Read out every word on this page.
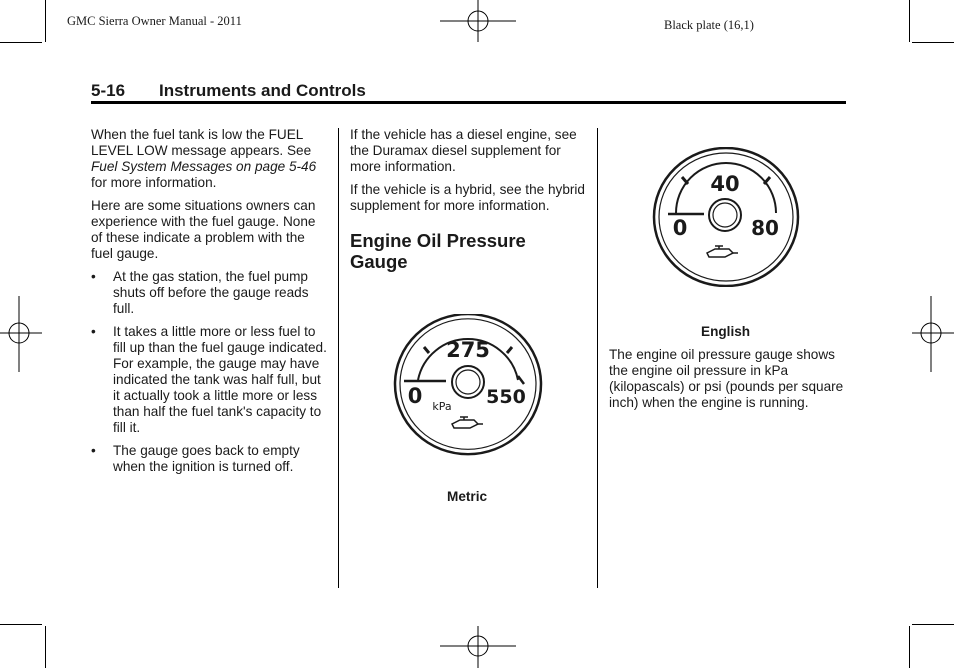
GMC Sierra Owner Manual - 2011	Black plate (16,1)
5-16 Instruments and Controls

When the fuel tank is low the FUEL LEVEL LOW message appears. See Fuel System Messages on page 5-46 for more information.

Here are some situations owners can experience with the fuel gauge. None of these indicate a problem with the fuel gauge.

• At the gas station, the fuel pump shuts off before the gauge reads full.
• It takes a little more or less fuel to fill up than the fuel gauge indicated. For example, the gauge may have indicated the tank was half full, but it actually took a little more or less than half the fuel tank's capacity to fill it.
• The gauge goes back to empty when the ignition is turned off.

If the vehicle has a diesel engine, see the Duramax diesel supplement for more information.

If the vehicle is a hybrid, see the hybrid supplement for more information.

Engine Oil Pressure Gauge
275
0	550
kPa
Metric
40
0	80
English

The engine oil pressure gauge shows the engine oil pressure in kPa (kilopascals) or psi (pounds per square inch) when the engine is running.
